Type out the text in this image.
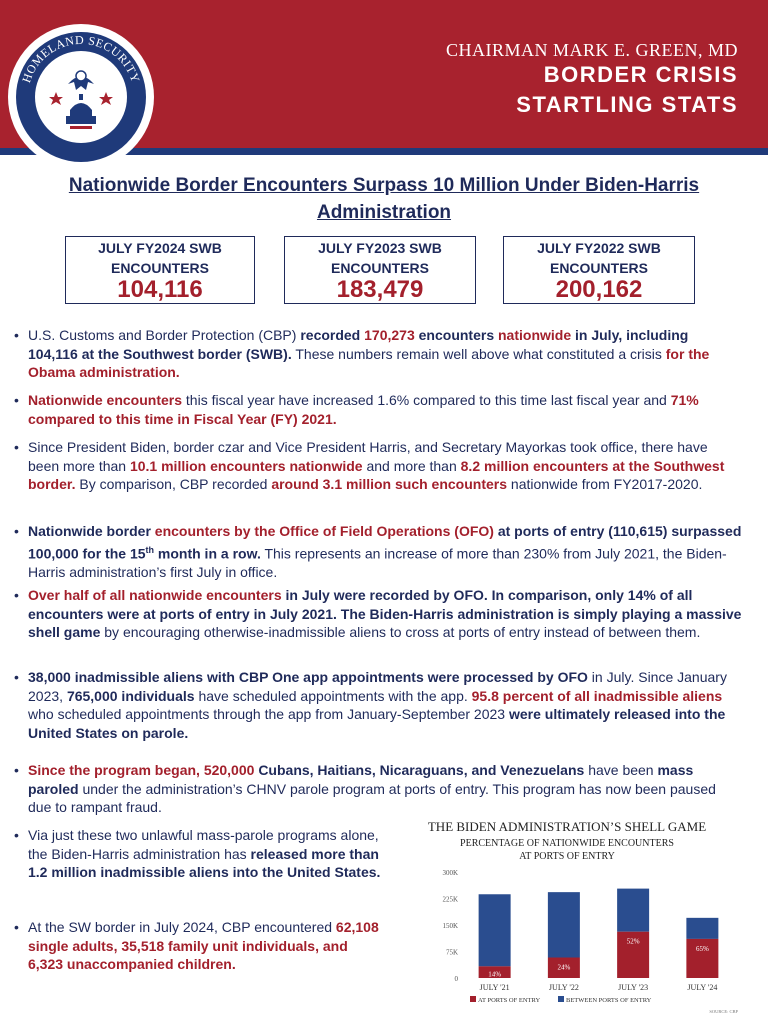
CHAIRMAN MARK E. GREEN, MD
BORDER CRISIS
STARTLING STATS
HOMELAND SECURITY
REPUBLICANS
Nationwide Border Encounters Surpass 10 Million Under Biden-Harris Administration
JULY FY2024 SWB
ENCOUNTERS
104,116
JULY FY2023 SWB
ENCOUNTERS
183,479
JULY FY2022 SWB
ENCOUNTERS
200,162
• U.S. Customs and Border Protection (CBP) recorded 170,273 encounters nationwide in July, including 104,116 at the Southwest border (SWB). These numbers remain well above what constituted a crisis for the Obama administration.
• Nationwide encounters this fiscal year have increased 1.6% compared to this time last fiscal year and 71% compared to this time in Fiscal Year (FY) 2021.
• Since President Biden, border czar and Vice President Harris, and Secretary Mayorkas took office, there have been more than 10.1 million encounters nationwide and more than 8.2 million encounters at the Southwest border. By comparison, CBP recorded around 3.1 million such encounters nationwide from FY2017-2020.
• Nationwide border encounters by the Office of Field Operations (OFO) at ports of entry (110,615) surpassed 100,000 for the 15th month in a row. This represents an increase of more than 230% from July 2021, the Biden-Harris administration’s first July in office.
• Over half of all nationwide encounters in July were recorded by OFO. In comparison, only 14% of all encounters were at ports of entry in July 2021. The Biden-Harris administration is simply playing a massive shell game by encouraging otherwise-inadmissible aliens to cross at ports of entry instead of between them.
• 38,000 inadmissible aliens with CBP One app appointments were processed by OFO in July. Since January 2023, 765,000 individuals have scheduled appointments with the app. 95.8 percent of all inadmissible aliens who scheduled appointments through the app from January-September 2023 were ultimately released into the United States on parole.
• Since the program began, 520,000 Cubans, Haitians, Nicaraguans, and Venezuelans have been mass paroled under the administration’s CHNV parole program at ports of entry. This program has now been paused due to rampant fraud.
• Via just these two unlawful mass-parole programs alone, the Biden-Harris administration has released more than 1.2 million inadmissible aliens into the United States.
• At the SW border in July 2024, CBP encountered 62,108 single adults, 35,518 family unit individuals, and 6,323 unaccompanied children.
THE BIDEN ADMINISTRATION’S SHELL GAME
PERCENTAGE OF NATIONWIDE ENCOUNTERS
AT PORTS OF ENTRY
0
75K
150K
225K
300K
14%
JULY '21
24%
JULY '22
52%
JULY '23
65%
JULY '24
AT PORTS OF ENTRY	BETWEEN PORTS OF ENTRY
SOURCE: CBP
